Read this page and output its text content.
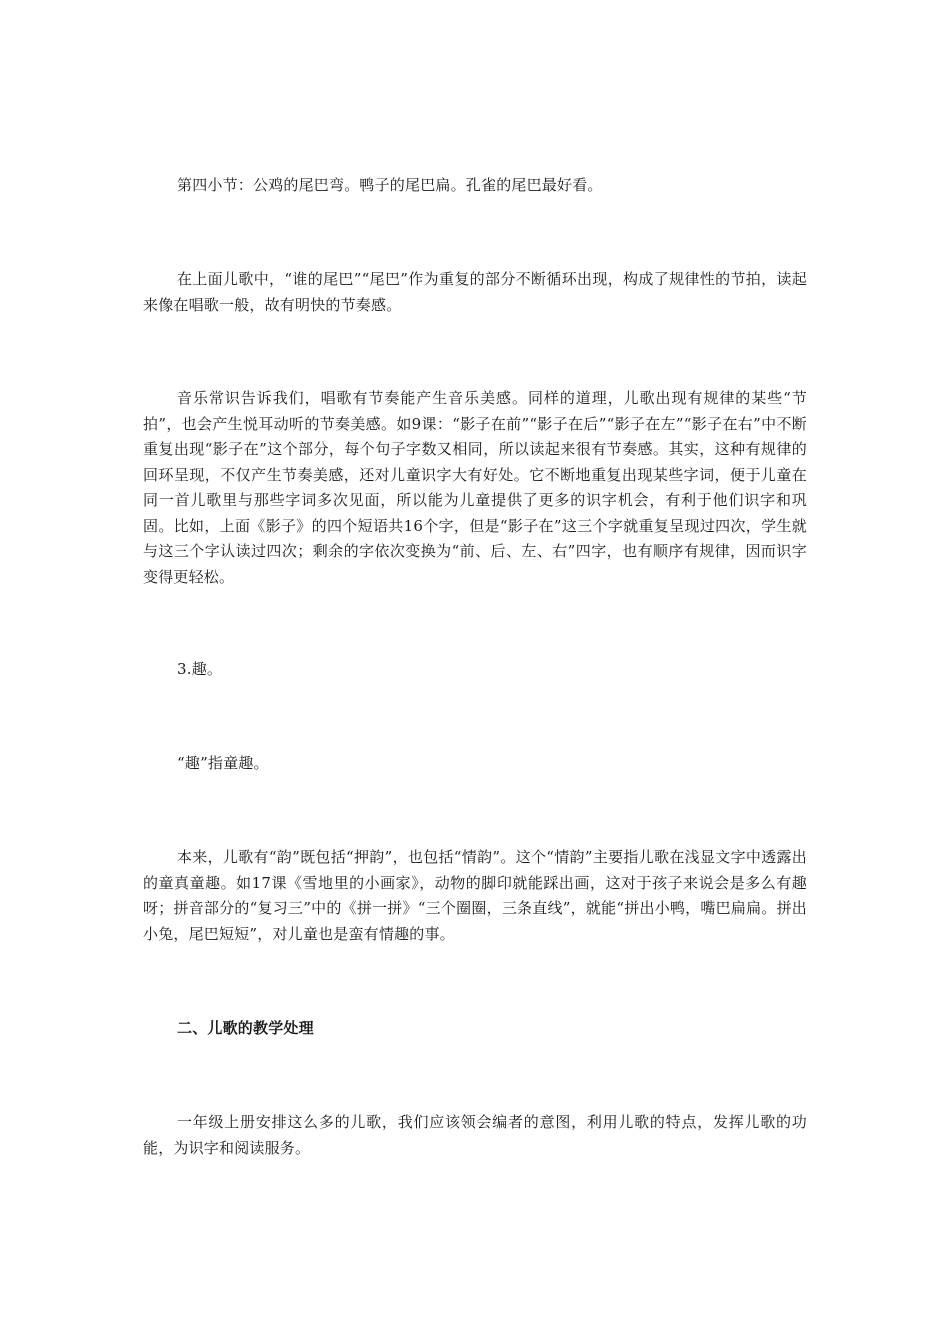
第四小节：公鸡的尾巴弯。鸭子的尾巴扁。孔雀的尾巴最好看。

在上面儿歌中，“谁的尾巴”“尾巴”作为重复的部分不断循环出现，构成了规律性的节拍，读起来像在唱歌一般，故有明快的节奏感。

音乐常识告诉我们，唱歌有节奏能产生音乐美感。同样的道理，儿歌出现有规律的某些“节拍”，也会产生悦耳动听的节奏美感。如9课：“影子在前”“影子在后”“影子在左”“影子在右”中不断重复出现“影子在”这个部分，每个句子字数又相同，所以读起来很有节奏感。其实，这种有规律的回环呈现，不仅产生节奏美感，还对儿童识字大有好处。它不断地重复出现某些字词，便于儿童在同一首儿歌里与那些字词多次见面，所以能为儿童提供了更多的识字机会，有利于他们识字和巩固。比如，上面《影子》的四个短语共16个字，但是“影子在”这三个字就重复呈现过四次，学生就与这三个字认读过四次；剩余的字依次变换为“前、后、左、右”四字，也有顺序有规律，因而识字变得更轻松。

3.趣。

“趣”指童趣。

本来，儿歌有“韵”既包括“押韵”，也包括“情韵”。这个“情韵”主要指儿歌在浅显文字中透露出的童真童趣。如17课《雪地里的小画家》，动物的脚印就能踩出画，这对于孩子来说会是多么有趣呀；拼音部分的“复习三”中的《拼一拼》“三个圈圈，三条直线”，就能“拼出小鸭，嘴巴扁扁。拼出小兔，尾巴短短”，对儿童也是蛮有情趣的事。

二、儿歌的教学处理

一年级上册安排这么多的儿歌，我们应该领会编者的意图，利用儿歌的特点，发挥儿歌的功能，为识字和阅读服务。
